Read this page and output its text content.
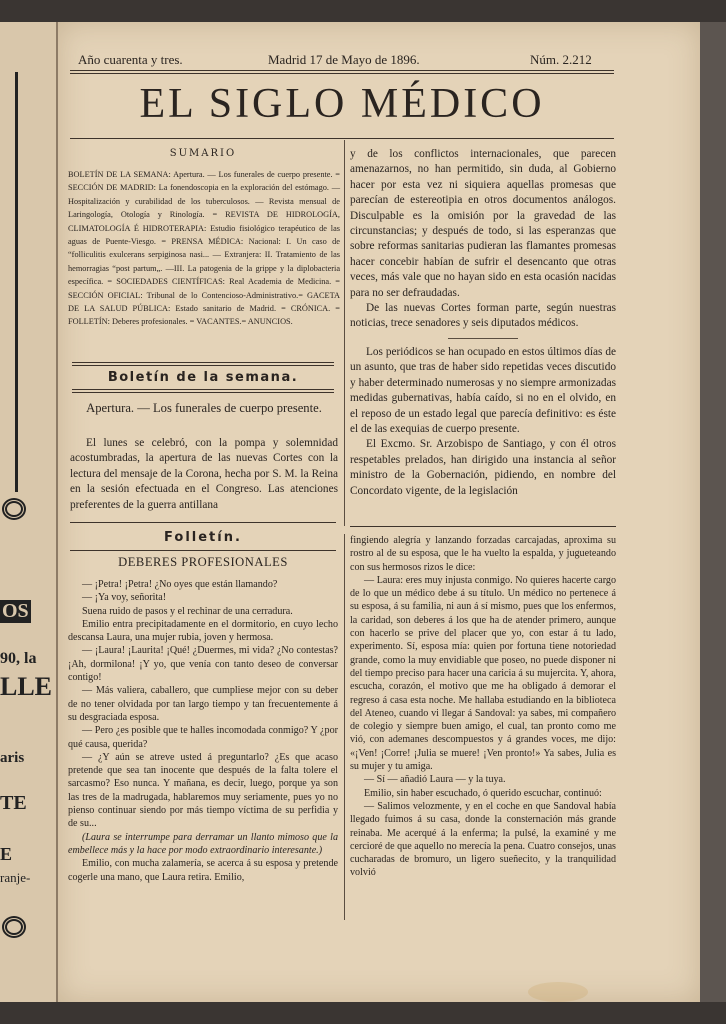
OS
90, la
LLE
aris
TE
E
ranje-
Año cuarenta y tres.	Madrid 17 de Mayo de 1896.	Núm. 2.212
EL SIGLO MÉDICO
SUMARIO
BOLETÍN DE LA SEMANA: Apertura. — Los funerales de cuerpo presente. = SECCIÓN DE MADRID: La fonendoscopia en la exploración del estómago. — Hospitalización y curabilidad de los tuberculosos. — Revista mensual de Laringología, Otología y Rinología. = REVISTA DE HIDROLOGÍA, CLIMATOLOGÍA É HIDROTERAPIA: Estudio fisiológico terapéutico de las aguas de Puente-Viesgo. = PRENSA MÉDICA: Nacional: I. Un caso de “folliculitis exulcerans serpiginosa nasi... — Extranjera: II. Tratamiento de las hemorragias “post partum„. —III. La patogenia de la grippe y la diplobacteria específica. = SOCIEDADES CIENTÍFICAS: Real Academia de Medicina. = SECCIÓN OFICIAL: Tribunal de lo Contencioso-Administrativo.= GACETA DE LA SALUD PÚBLICA: Estado sanitario de Madrid. = CRÓNICA. = FOLLETÍN: Deberes profesionales. = VACANTES.= ANUNCIOS.
Boletín de la semana.
Apertura. — Los funerales de cuerpo presente.

El lunes se celebró, con la pompa y solemnidad acostumbradas, la apertura de las nuevas Cortes con la lectura del mensaje de la Corona, hecha por S. M. la Reina en la sesión efectuada en el Congreso. Las atenciones preferentes de la guerra antillana

y de los conflictos internacionales, que parecen amenazarnos, no han permitido, sin duda, al Gobierno hacer por esta vez ni siquiera aquellas promesas que parecían de estereotipia en otros documentos análogos. Disculpable es la omisión por la gravedad de las circunstancias; y después de todo, si las esperanzas que sobre reformas sanitarias pudieran las flamantes promesas hacer concebir habían de sufrir el desencanto que otras veces, más vale que no hayan sido en esta ocasión nacidas para no ser defraudadas.

De las nuevas Cortes forman parte, según nuestras noticias, trece senadores y seis diputados médicos.

Los periódicos se han ocupado en estos últimos días de un asunto, que tras de haber sido repetidas veces discutido y haber determinado numerosas y no siempre armonizadas medidas gubernativas, había caído, si no en el olvido, en el reposo de un estado legal que parecía definitivo: es éste el de las exequias de cuerpo presente.

El Excmo. Sr. Arzobispo de Santiago, y con él otros respetables prelados, han dirigido una instancia al señor ministro de la Gobernación, pidiendo, en nombre del Concordato vigente, de la legislación

Folletín.
DEBERES PROFESIONALES

— ¡Petra! ¡Petra! ¿No oyes que están llamando?

— ¡Ya voy, señorita!

Suena ruido de pasos y el rechinar de una cerradura.

Emilio entra precipitadamente en el dormitorio, en cuyo lecho descansa Laura, una mujer rubia, joven y hermosa.

— ¡Laura! ¡Laurita! ¡Qué! ¿Duermes, mi vida? ¿No contestas? ¡Ah, dormilona! ¡Y yo, que venía con tanto deseo de conversar contigo!

— Más valiera, caballero, que cumpliese mejor con su deber de no tener olvidada por tan largo tiempo y tan frecuentemente á su desgraciada esposa.

— Pero ¿es posible que te halles incomodada conmigo? Y ¿por qué causa, querida?

— ¿Y aún se atreve usted á preguntarlo? ¿Es que acaso pretende que sea tan inocente que después de la falta tolere el sarcasmo? Eso nunca. Y mañana, es decir, luego, porque ya son las tres de la madrugada, hablaremos muy seriamente, pues yo no pienso continuar siendo por más tiempo víctima de su perfidia y de su...

(Laura se interrumpe para derramar un llanto mimoso que la embellece más y la hace por modo extraordinario interesante.)

Emilio, con mucha zalamería, se acerca á su esposa y pretende cogerle una mano, que Laura retira. Emilio,

fingiendo alegría y lanzando forzadas carcajadas, aproxima su rostro al de su esposa, que le ha vuelto la espalda, y jugueteando con sus hermosos rizos le dice:

— Laura: eres muy injusta conmigo. No quieres hacerte cargo de lo que un médico debe á su título. Un médico no pertenece á su esposa, á su familia, ni aun á sí mismo, pues que los enfermos, la caridad, son deberes á los que ha de atender primero, aunque con hacerlo se prive del placer que yo, con estar á tu lado, experimento. Sí, esposa mía: quien por fortuna tiene notoriedad grande, como la muy envidiable que poseo, no puede disponer ni del tiempo preciso para hacer una caricia á su mujercita. Y, ahora, escucha, corazón, el motivo que me ha obligado á demorar el regreso á casa esta noche. Me hallaba estudiando en la biblioteca del Ateneo, cuando vi llegar á Sandoval: ya sabes, mi compañero de colegio y siempre buen amigo, el cual, tan pronto como me vió, con ademanes descompuestos y á grandes voces, me dijo: «¡Ven! ¡Corre! ¡Julia se muere! ¡Ven pronto!» Ya sabes, Julia es su mujer y tu amiga.

— Sí — añadió Laura — y la tuya.

Emilio, sin haber escuchado, ó querido escuchar, continuó:

— Salimos velozmente, y en el coche en que Sandoval había llegado fuimos á su casa, donde la consternación más grande reinaba. Me acerqué á la enferma; la pulsé, la examiné y me cercioré de que aquello no merecía la pena. Cuatro consejos, unas cucharadas de bromuro, un ligero sueñecito, y la tranquilidad volvió
